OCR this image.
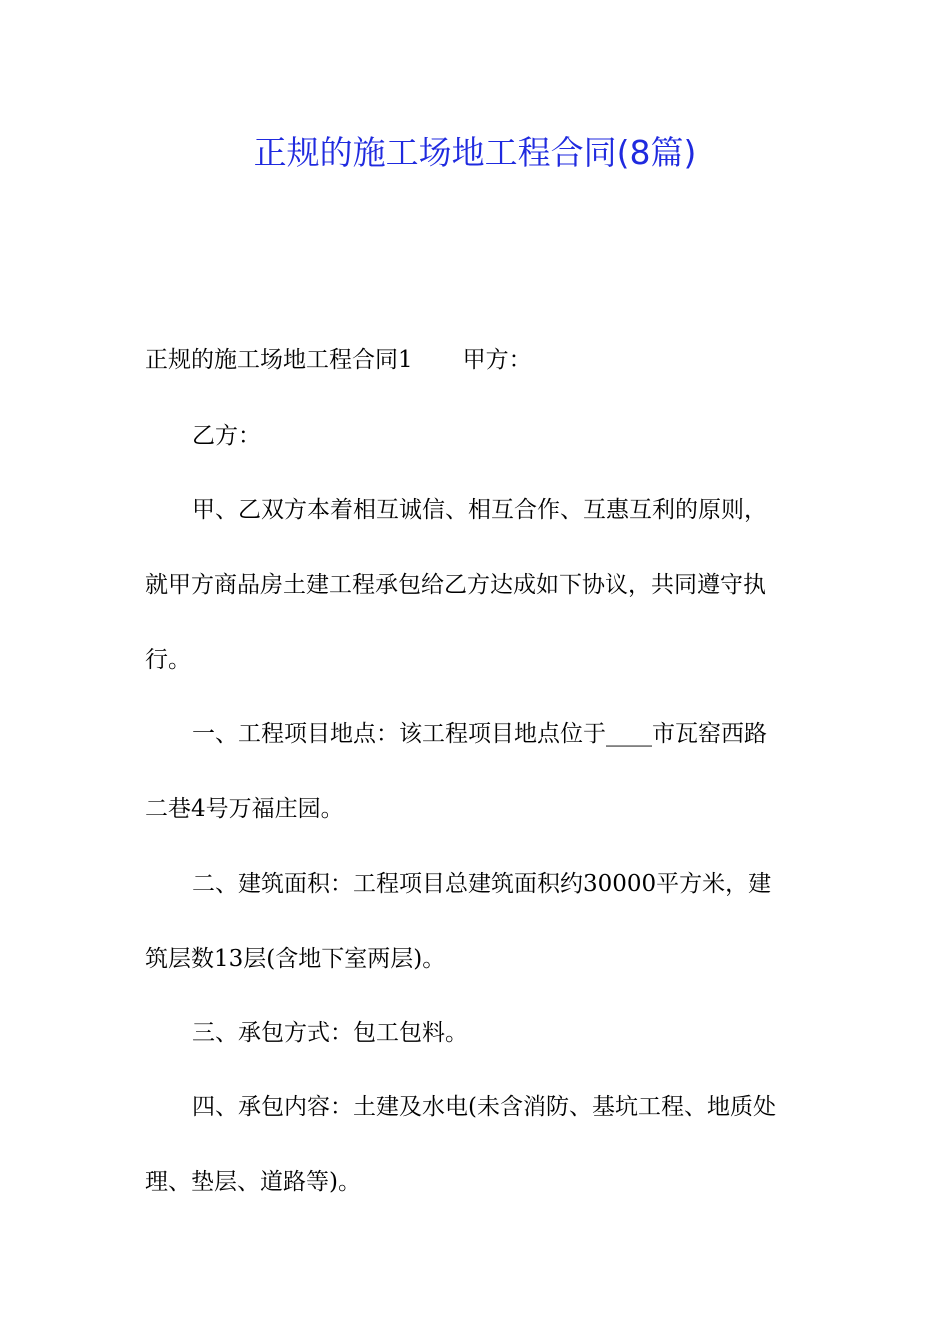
正规的施工场地工程合同(8篇)
正规的施工场地工程合同1 甲方：
乙方：
甲、乙双方本着相互诚信、相互合作、互惠互利的原则，
就甲方商品房土建工程承包给乙方达成如下协议，共同遵守执
行。
一、工程项目地点：该工程项目地点位于____市瓦窑西路
二巷4号万福庄园。
二、建筑面积：工程项目总建筑面积约30000平方米，建
筑层数13层(含地下室两层)。
三、承包方式：包工包料。
四、承包内容：土建及水电(未含消防、基坑工程、地质处
理、垫层、道路等)。
